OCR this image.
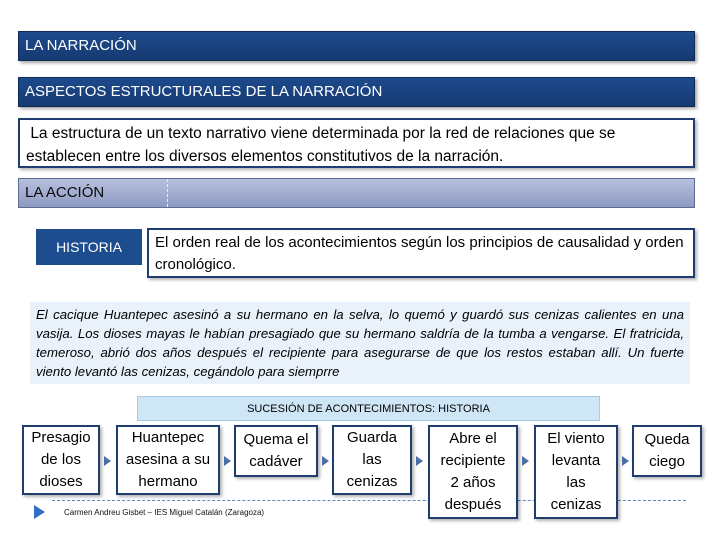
LA NARRACIÓN
ASPECTOS ESTRUCTURALES DE LA NARRACIÓN
La estructura de un texto narrativo viene determinada por la red de relaciones que se establecen entre los diversos elementos constitutivos de la narración.
LA ACCIÓN
HISTORIA	El orden real de los acontecimientos según los principios de causalidad y orden cronológico.
El cacique Huantepec asesinó a su hermano en la selva, lo quemó y guardó sus cenizas calientes en una vasija. Los dioses mayas le habían presagiado que su hermano saldría de la tumba a vengarse. El fratricida, temeroso, abrió dos años después el recipiente para asegurarse de que los restos estaban allí. Un fuerte viento levantó las cenizas, cegándolo para siemprre
SUCESIÓN DE ACONTECIMIENTOS: HISTORIA
Presagio
de los
dioses
Huantepec
asesina a su
hermano
Quema el
cadáver
Guarda
las
cenizas
Abre el
recipiente
2 años
después
El viento
levanta
las
cenizas
Queda
ciego
Carmen Andreu Gisbet – IES Miguel Catalán (Zaragoza)
